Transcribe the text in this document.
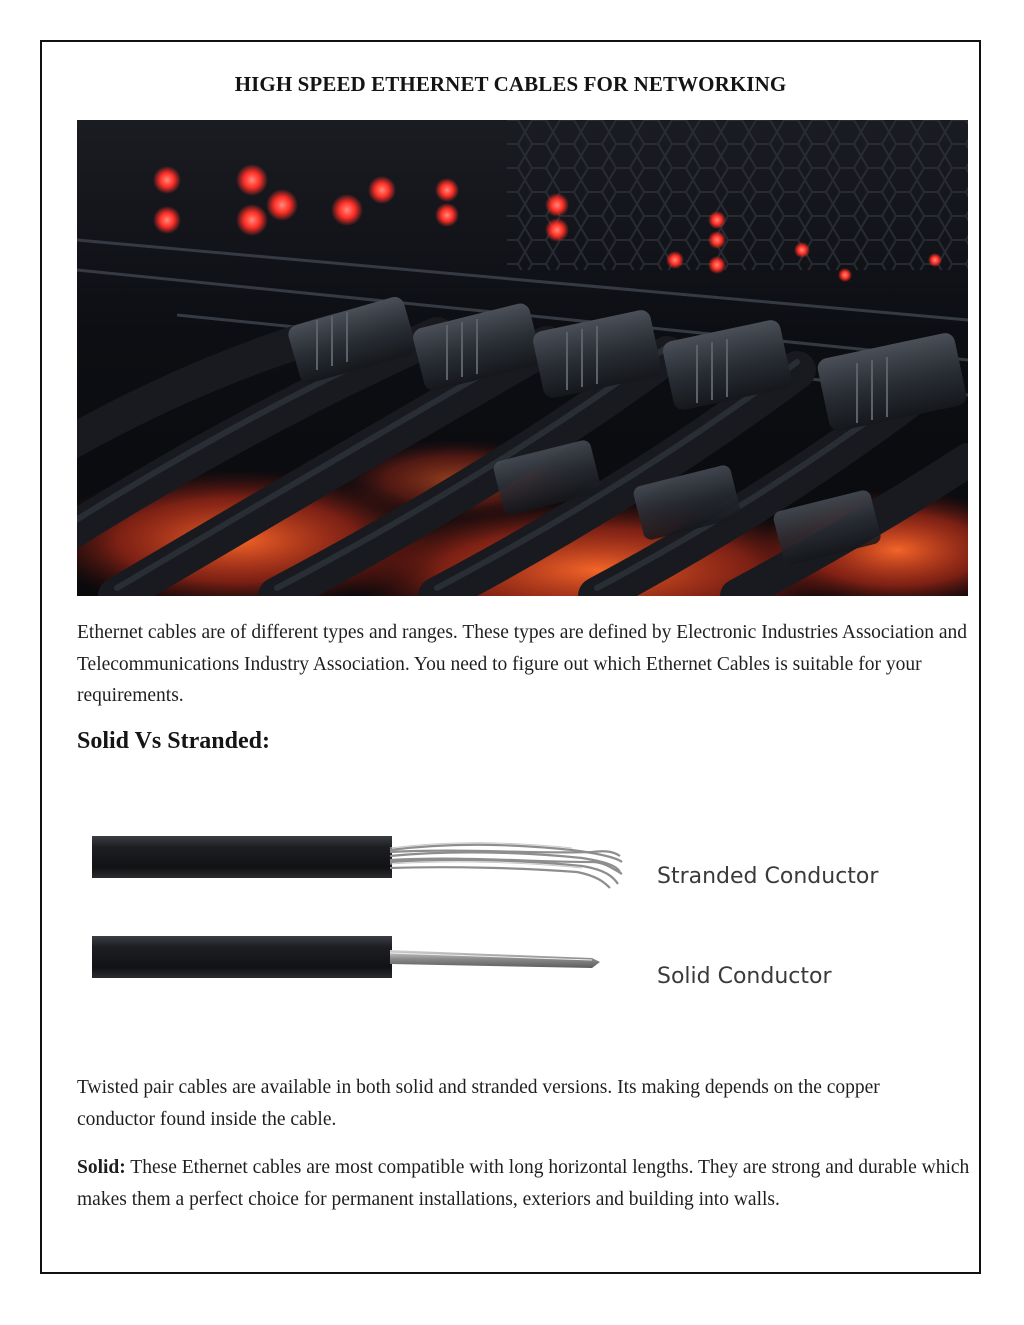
HIGH SPEED ETHERNET CABLES FOR NETWORKING
Ethernet cables are of different types and ranges. These types are defined by Electronic Industries Association and Telecommunications Industry Association. You need to figure out which Ethernet Cables is suitable for your requirements.
Solid Vs Stranded:
Stranded Conductor
Solid Conductor
Twisted pair cables are available in both solid and stranded versions. Its making depends on the copper conductor found inside the cable.
Solid: These Ethernet cables are most compatible with long horizontal lengths. They are strong and durable which makes them a perfect choice for permanent installations, exteriors and building into walls.
